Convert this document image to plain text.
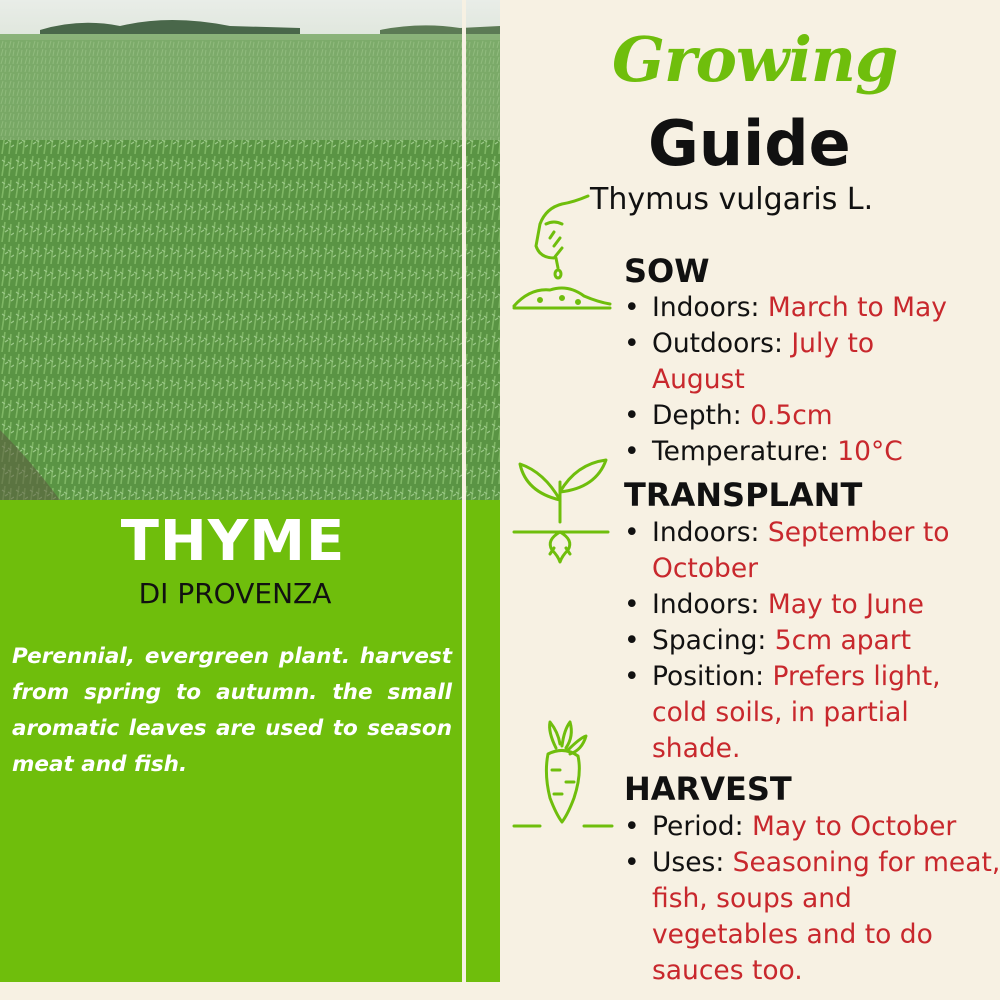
THYME
DI PROVENZA
Perennial, evergreen plant. harvest from spring to autumn. the small aromatic leaves are used to season meat and fish.
Growing
Guide
Thymus vulgaris L.
SOW
• Indoors: March to May
• Outdoors: July to August
• Depth: 0.5cm
• Temperature: 10°C
TRANSPLANT
• Indoors: September to October
• Indoors: May to June
• Spacing: 5cm apart
• Position: Prefers light, cold soils, in partial shade.
HARVEST
• Period: May to October
• Uses: Seasoning for meat, fish, soups and vegetables and to do sauces too.
